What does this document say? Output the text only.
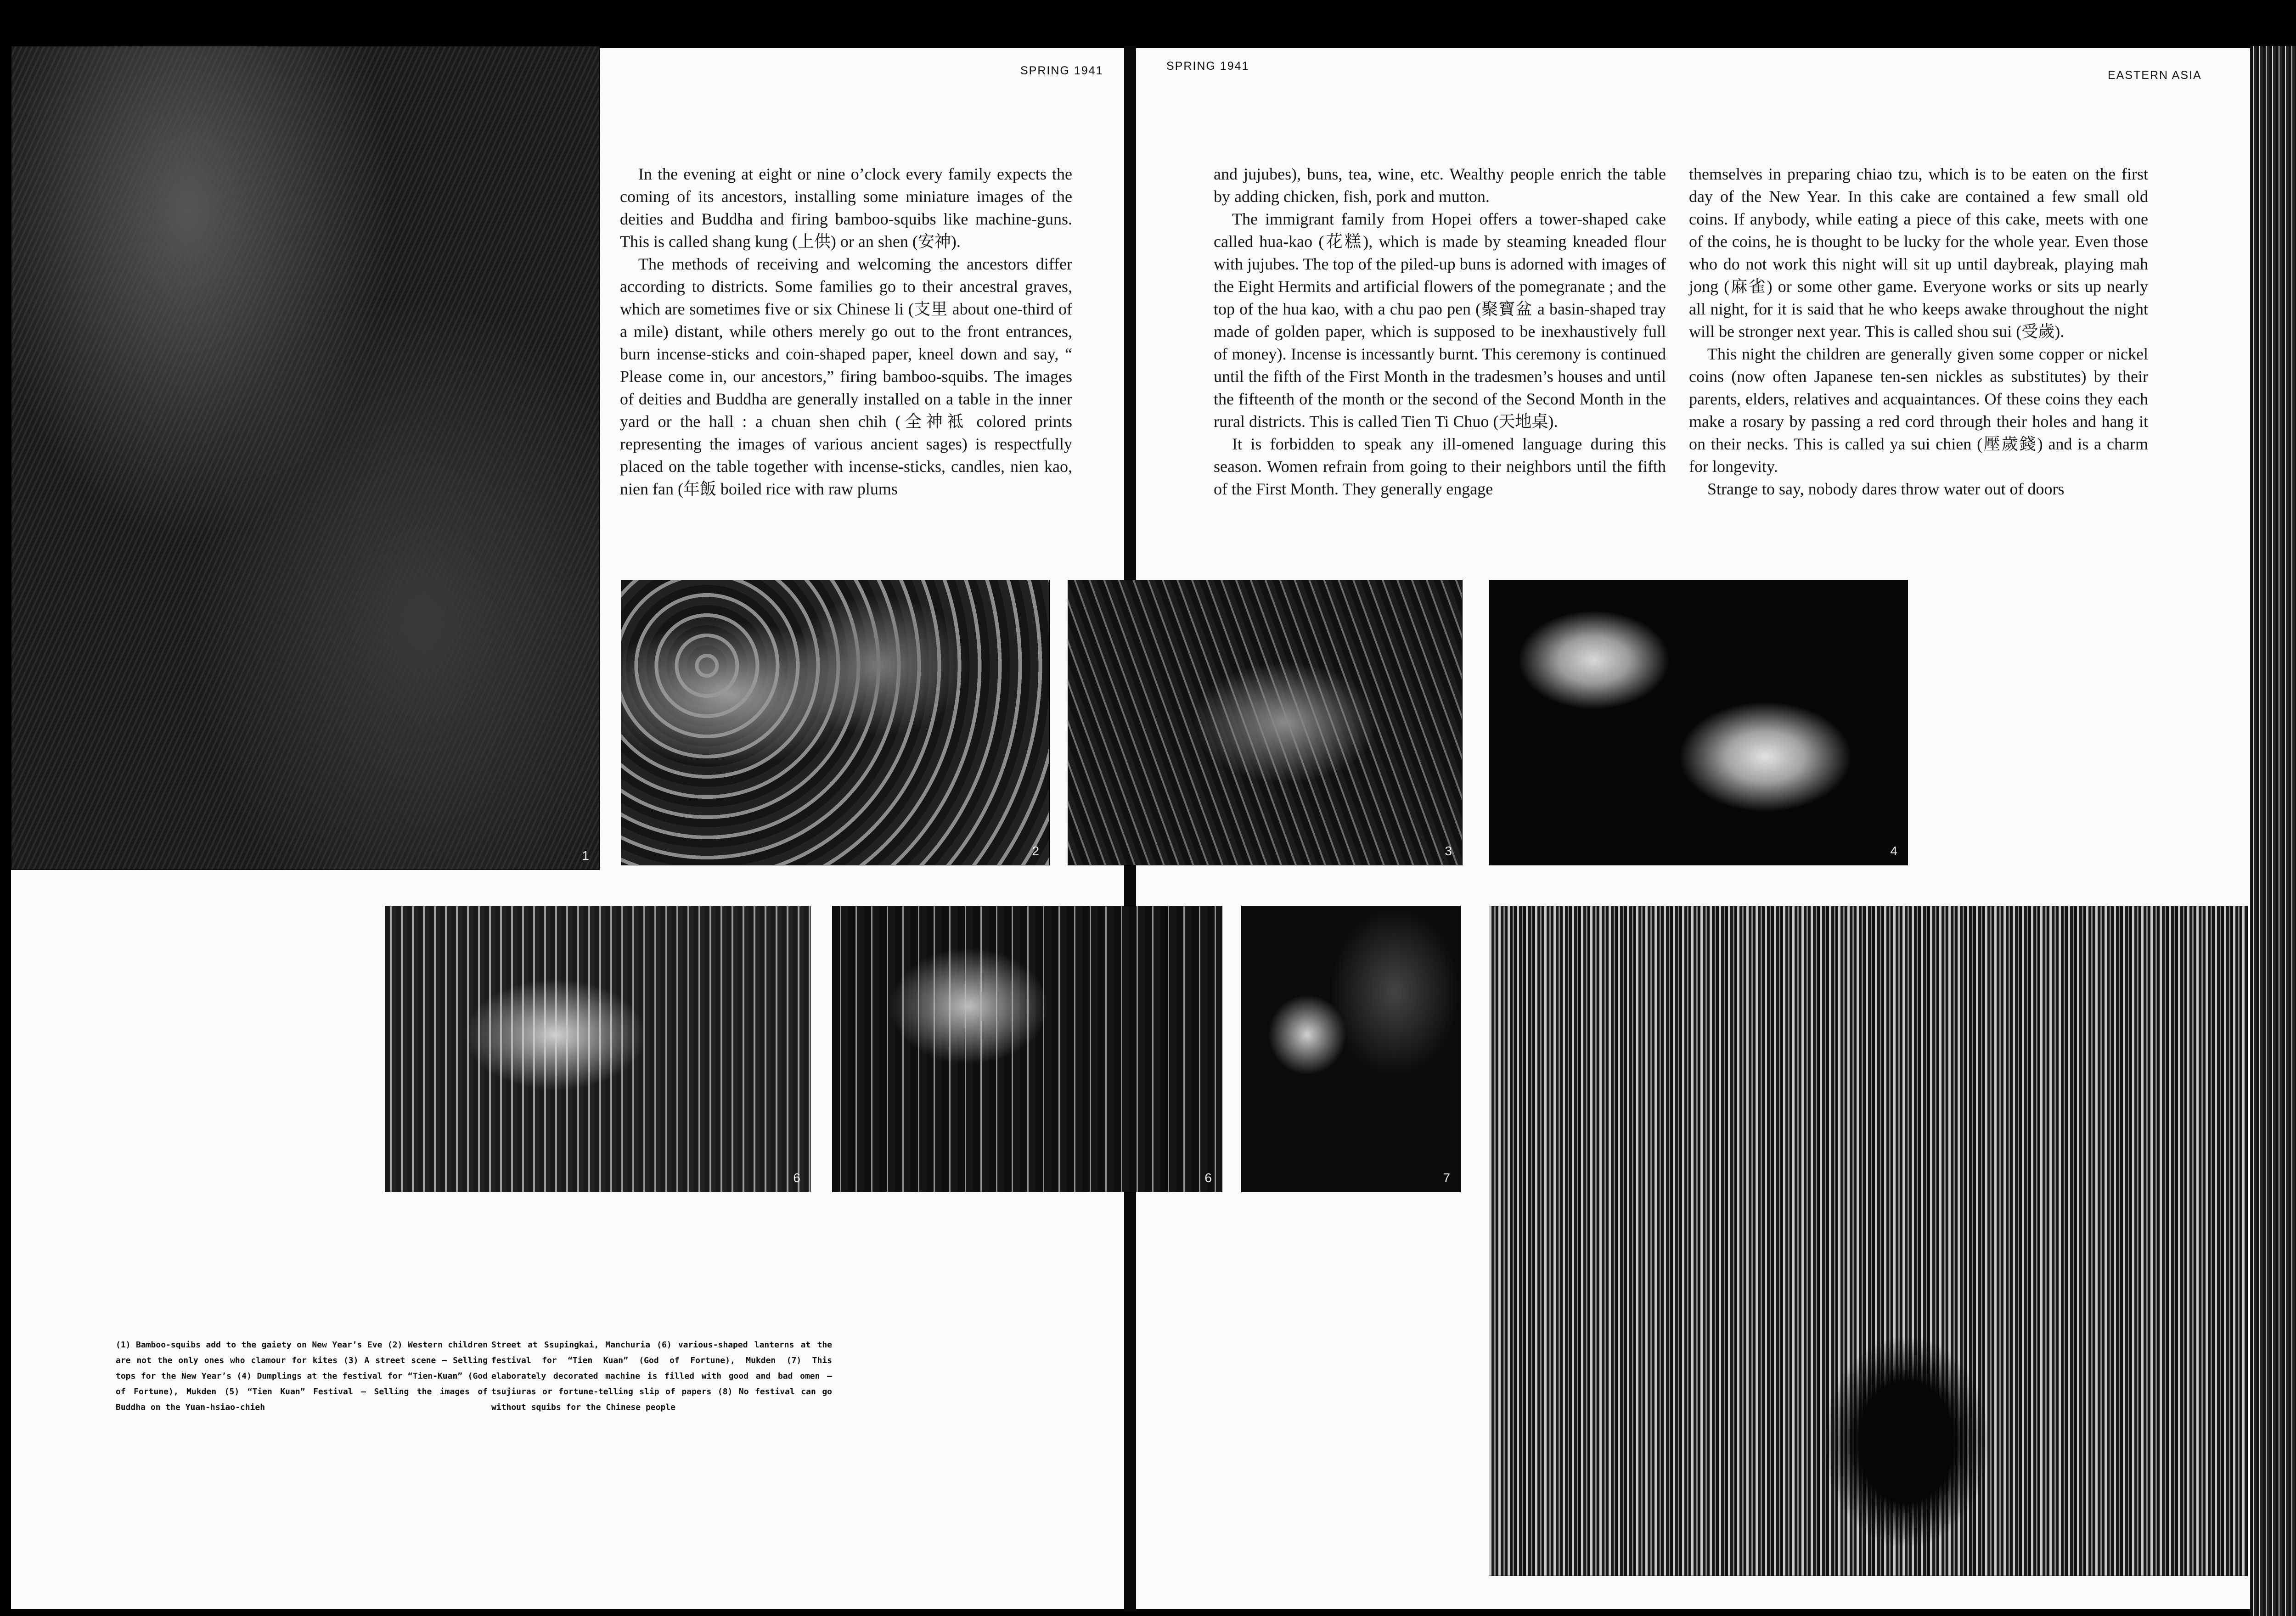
SPRING 1941	SPRING 1941
EASTERN ASIA

In the evening at eight or nine o’clock every family expects the coming of its ancestors, installing some miniature images of the deities and Buddha and firing bamboo-squibs like machine-guns. This is called shang kung (上供) or an shen (安神).

The methods of receiving and welcoming the ancestors differ according to districts. Some families go to their ancestral graves, which are sometimes five or six Chinese li (支里 about one-third of a mile) distant, while others merely go out to the front entrances, burn incense-sticks and coin-shaped paper, kneel down and say, “ Please come in, our ancestors,” firing bamboo-squibs. The images of deities and Buddha are generally installed on a table in the inner yard or the hall : a chuan shen chih (全神袛 colored prints representing the images of various ancient sages) is respectfully placed on the table together with incense-sticks, candles, nien kao, nien fan (年飯 boiled rice with raw plums

and jujubes), buns, tea, wine, etc. Wealthy people enrich the table by adding chicken, fish, pork and mutton.

The immigrant family from Hopei offers a tower-shaped cake called hua-kao (花糕), which is made by steaming kneaded flour with jujubes. The top of the piled-up buns is adorned with images of the Eight Hermits and artificial flowers of the pomegranate ; and the top of the hua kao, with a chu pao pen (聚寶盆 a basin-shaped tray made of golden paper, which is supposed to be inexhaustively full of money). Incense is incessantly burnt. This ceremony is continued until the fifth of the First Month in the tradesmen’s houses and until the fifteenth of the month or the second of the Second Month in the rural districts. This is called Tien Ti Chuo (天地桌).

It is forbidden to speak any ill-omened language during this season. Women refrain from going to their neighbors until the fifth of the First Month. They generally engage

themselves in preparing chiao tzu, which is to be eaten on the first day of the New Year. In this cake are contained a few small old coins. If anybody, while eating a piece of this cake, meets with one of the coins, he is thought to be lucky for the whole year. Even those who do not work this night will sit up until daybreak, playing mah jong (麻雀) or some other game. Everyone works or sits up nearly all night, for it is said that he who keeps awake throughout the night will be stronger next year. This is called shou sui (受歲).

This night the children are generally given some copper or nickel coins (now often Japanese ten-sen nickles as substitutes) by their parents, elders, relatives and acquaintances. Of these coins they each make a rosary by passing a red cord through their holes and hang it on their necks. This is called ya sui chien (壓歲錢) and is a charm for longevity.

Strange to say, nobody dares throw water out of doors

1	2	3	4
6	6	7
(1) Bamboo-squibs add to the gaiety on New Year’s Eve (2) Western children are not the only ones who clamour for kites (3) A street scene — Selling tops for the New Year’s (4) Dumplings at the festival for “Tien-Kuan” (God of Fortune), Mukden (5) “Tien Kuan” Festival — Selling the images of Buddha on the Yuan-hsiao-chieh
Street at Ssupingkai, Manchuria (6) various-shaped lanterns at the festival for “Tien Kuan” (God of Fortune), Mukden (7) This elaborately decorated machine is filled with good and bad omen — tsujiuras or fortune-telling slip of papers (8) No festival can go without squibs for the Chinese people
